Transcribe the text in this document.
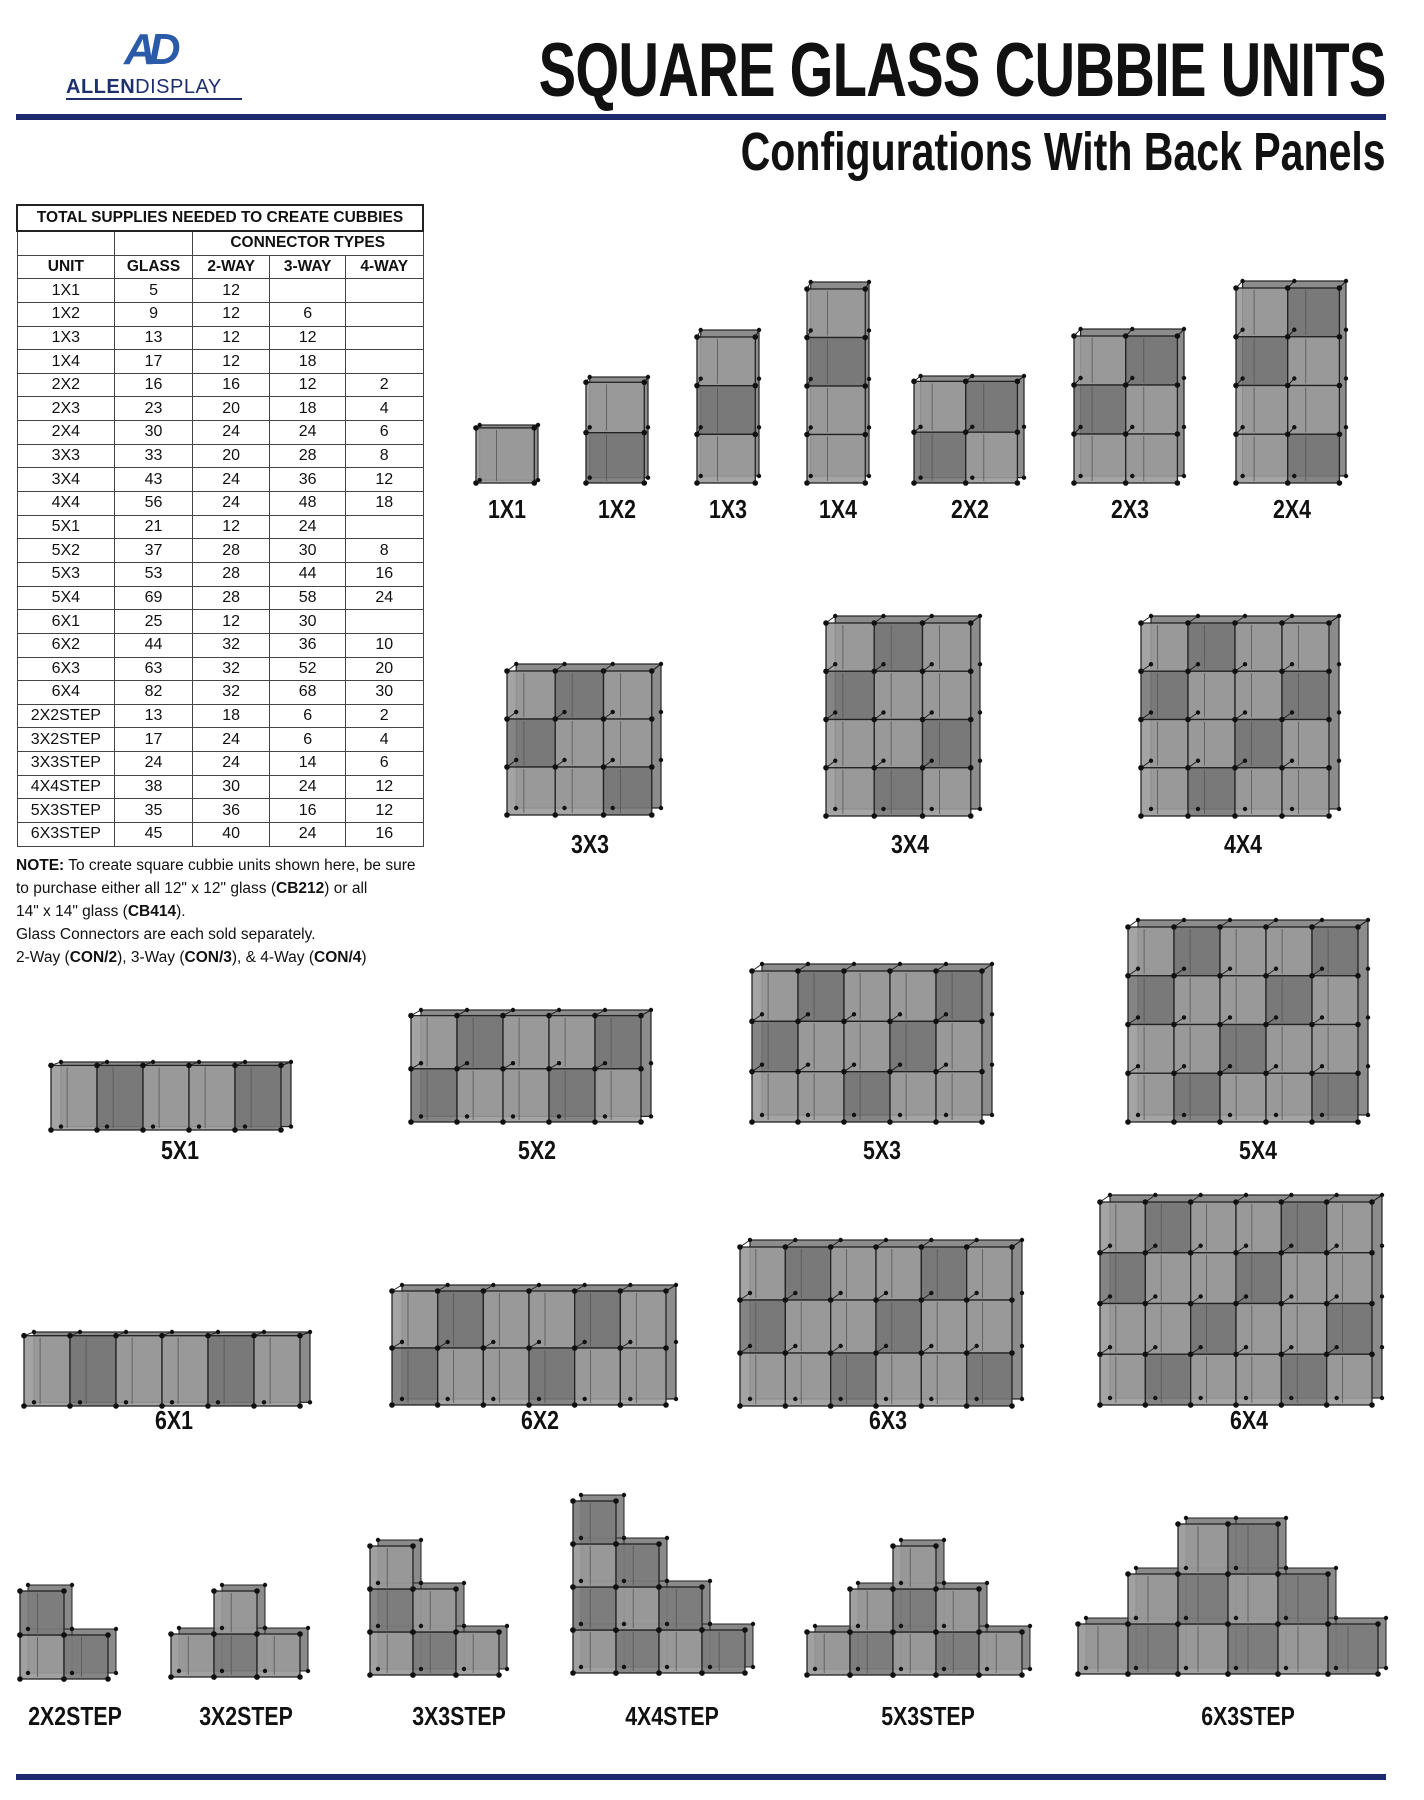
AD
ALLENDISPLAY	SQUARE GLASS CUBBIE UNITS
Configurations With Back Panels
TOTAL SUPPLIES NEEDED TO CREATE CUBBIES				
		CONNECTOR TYPES		
UNIT	GLASS	2-WAY	3-WAY	4-WAY
1X1	5	12		
1X2	9	12	6	
1X3	13	12	12	
1X4	17	12	18	
2X2	16	16	12	2
2X3	23	20	18	4
2X4	30	24	24	6
3X3	33	20	28	8
3X4	43	24	36	12
4X4	56	24	48	18
5X1	21	12	24	
5X2	37	28	30	8
5X3	53	28	44	16
5X4	69	28	58	24
6X1	25	12	30	
6X2	44	32	36	10
6X3	63	32	52	20
6X4	82	32	68	30
2X2STEP	13	18	6	2
3X2STEP	17	24	6	4
3X3STEP	24	24	14	6
4X4STEP	38	30	24	12
5X3STEP	35	36	16	12
6X3STEP	45	40	24	16

NOTE: To create square cubbie units shown here, be sure

to purchase either all 12" x 12" glass (CB212) or all

14" x 14" glass (CB414).

Glass Connectors are each sold separately.

2-Way (CON/2), 3-Way (CON/3), & 4-Way (CON/4)

1X1	1X2	1X3	1X4	2X2	2X3	2X4
3X3	3X4	4X4
5X1	5X2	5X3	5X4
6X1	6X2	6X3	6X4
2X2STEP	3X2STEP	3X3STEP	4X4STEP	5X3STEP	6X3STEP
